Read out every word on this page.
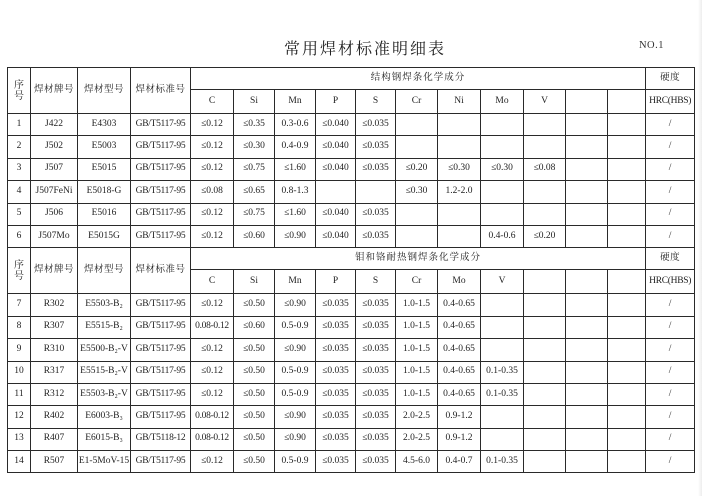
常用焊材标准明细表	NO.1
序
号	焊材牌号	焊材型号	焊材标准号	结构钢焊条化学成分											硬度
				C	Si	Mn	P	S	Cr	Ni	Mo	V			HRC(HBS)
1	J422	E4303	GB/T5117-95	≤0.12	≤0.35	0.3-0.6	≤0.040	≤0.035							/
2	J502	E5003	GB/T5117-95	≤0.12	≤0.30	0.4-0.9	≤0.040	≤0.035							/
3	J507	E5015	GB/T5117-95	≤0.12	≤0.75	≤1.60	≤0.040	≤0.035	≤0.20	≤0.30	≤0.30	≤0.08			/
4	J507FeNi	E5018-G	GB/T5117-95	≤0.08	≤0.65	0.8-1.3			≤0.30	1.2-2.0					/
5	J506	E5016	GB/T5117-95	≤0.12	≤0.75	≤1.60	≤0.040	≤0.035							/
6	J507Mo	E5015G	GB/T5117-95	≤0.12	≤0.60	≤0.90	≤0.040	≤0.035			0.4-0.6	≤0.20			/

序
号	焊材牌号	焊材型号	焊材标准号	钼和铬耐热钢焊条化学成分											硬度
				C	Si	Mn	P	S	Cr	Mo	V				HRC(HBS)
7	R302	E5503-B₂	GB/T5117-95	≤0.12	≤0.50	≤0.90	≤0.035	≤0.035	1.0-1.5	0.4-0.65					/
8	R307	E5515-B₂	GB/T5117-95	0.08-0.12	≤0.60	0.5-0.9	≤0.035	≤0.035	1.0-1.5	0.4-0.65					/
9	R310	E5500-B₂-V	GB/T5117-95	≤0.12	≤0.50	≤0.90	≤0.035	≤0.035	1.0-1.5	0.4-0.65					/
10	R317	E5515-B₂-V	GB/T5117-95	≤0.12	≤0.50	0.5-0.9	≤0.035	≤0.035	1.0-1.5	0.4-0.65	0.1-0.35				/
11	R312	E5503-B₂-V	GB/T5117-95	≤0.12	≤0.50	0.5-0.9	≤0.035	≤0.035	1.0-1.5	0.4-0.65	0.1-0.35				/
12	R402	E6003-B₃	GB/T5117-95	0.08-0.12	≤0.50	≤0.90	≤0.035	≤0.035	2.0-2.5	0.9-1.2					/
13	R407	E6015-B₃	GB/T5118-12	0.08-0.12	≤0.50	≤0.90	≤0.035	≤0.035	2.0-2.5	0.9-1.2					/
14	R507	E1-5MoV-15	GB/T5117-95	≤0.12	≤0.50	0.5-0.9	≤0.035	≤0.035	4.5-6.0	0.4-0.7	0.1-0.35				/
